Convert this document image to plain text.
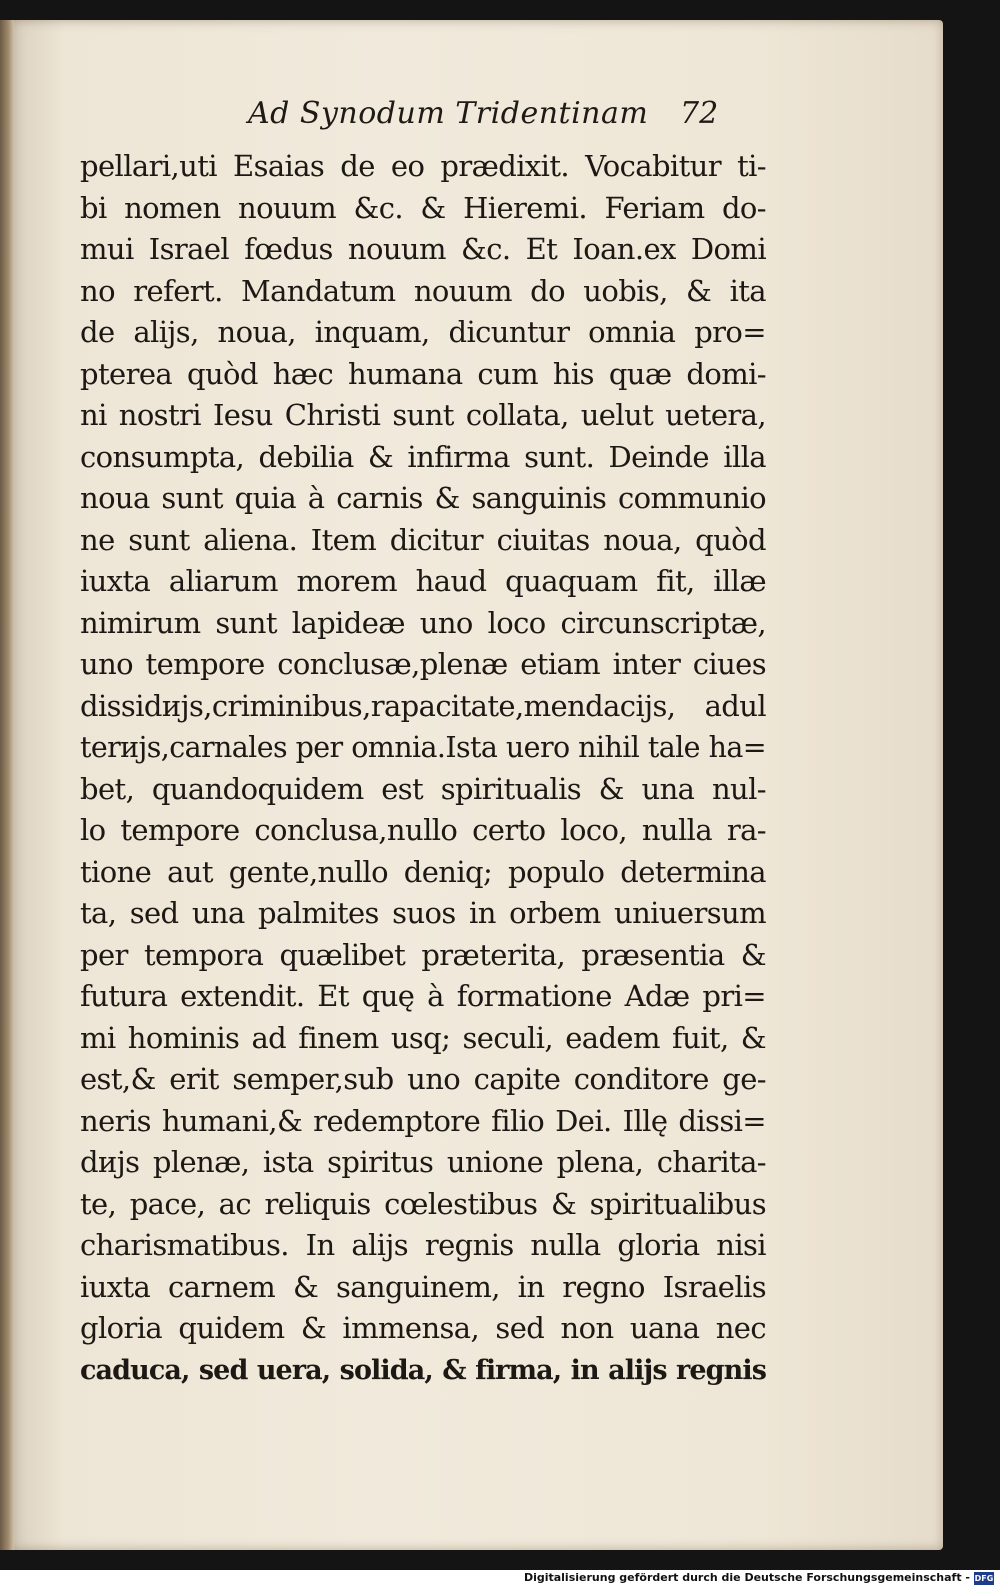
Ad Synodum Tridentinam 72
pellari,uti Esaias de eo prædixit. Vocabitur ti-
bi nomen nouum &c. & Hieremi. Feriam do-
mui Israel fœdus nouum &c. Et Ioan.ex Domi
no refert. Mandatum nouum do uobis, & ita
de aliјs, noua, inquam, dicuntur omnia pro=
pterea quòd hæc humana cum his quæ domi-
ni nostri Iesu Christi sunt collata, uelut uetera,
consumpta, debilia & infirma sunt. Deinde illa
noua sunt quia à carnis & sanguinis communio
ne sunt aliena. Item dicitur ciuitas noua, quòd
iuxta aliarum morem haud quaquam fit, illæ
nimirum sunt lapideæ uno loco circunscriptæ,
uno tempore conclusæ,plenæ etiam inter ciues
dissidијs,criminibus,rapacitate,mendaciјs, adul
terијs,carnales per omnia.Ista uero nihil tale ha=
bet, quandoquidem est spiritualis & una nul-
lo tempore conclusa,nullo certo loco, nulla ra-
tione aut gente,nullo deniq; populo determina
ta, sed una palmites suos in orbem uniuersum
per tempora quælibet præterita, præsentia &
futura extendit. Et quę à formatione Adæ pri=
mi hominis ad finem usq; seculi, eadem fuit, &
est,& erit semper,sub uno capite conditore ge-
neris humani,& redemptore filio Dei. Illę dissi=
dијs plenæ, ista spiritus unione plena, charita-
te, pace, ac reliquis cœlestibus & spiritualibus
charismatibus. In aliјs regnis nulla gloria nisi
iuxta carnem & sanguinem, in regno Israelis
gloria quidem & immensa, sed non uana nec
caduca, sed uera, solida, & firma, in aliјs regnis
Digitalisierung gefördert durch die Deutsche Forschungsgemeinschaft - DFG
